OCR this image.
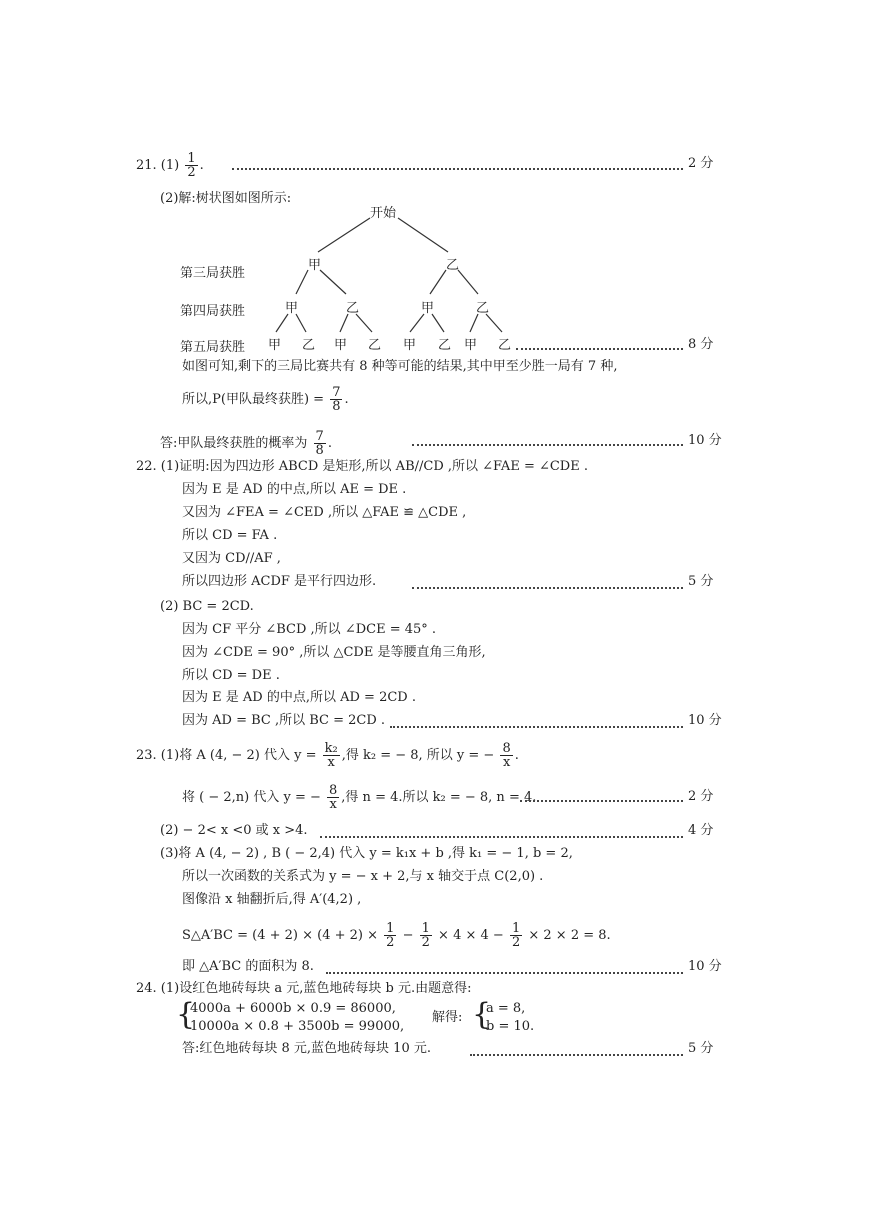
21. $(1) \frac{1}{2}$ .	2 分
(2)解:树状图如图所示:
开始
第三局获胜
第四局获胜
第五局获胜
甲	乙
甲	乙	甲	乙
甲 乙 甲 乙 甲 乙 甲 乙	8 分
如图可知,剩下的三局比赛共有 8 种等可能的结果,其中甲至少胜一局有 7 种,
所以,P(甲队最终获胜) = $\frac{7}{8}$ .
答:甲队最终获胜的概率为 $\frac{7}{8}$ .	10 分
22. (1)证明:因为四边形 ABCD 是矩形,所以 AB//CD ,所以 ∠FAE = ∠CDE .
因为 E 是 AD 的中点,所以 AE = DE .
又因为 ∠FEA = ∠CED ,所以 △FAE ≌ △CDE ,
所以 CD = FA .
又因为 CD//AF ,
所以四边形 ACDF 是平行四边形.	5 分
(2) BC = 2CD.
因为 CF 平分 ∠BCD ,所以 ∠DCE = 45° .
因为 ∠CDE = 90° ,所以 △CDE 是等腰直角三角形,
所以 CD = DE .
因为 E 是 AD 的中点,所以 AD = 2CD .
因为 AD = BC ,所以 BC = 2CD .	10 分
23. (1)将 A (4, − 2) 代入 $y = \frac{\text{k₂}}{x}$ ,得 k₂ = − 8, 所以 y = − $\frac{8}{x}$ .
将 ( − 2,n) 代入 y = − $\frac{8}{x}$ ,得 n = 4.所以 k₂ = − 8, n = 4.	2 分
(2) − 2< x <0 或 x >4.	4 分
(3)将 A (4, − 2) , B ( − 2,4) 代入 y = k₁x + b ,得 k₁ = − 1, b = 2,
所以一次函数的关系式为 y = − x + 2,与 x 轴交于点 C(2,0) .
图像沿 x 轴翻折后,得 A′(4,2) ,
S△A′BC = $(4 + 2) \times (4 + 2) \times \frac{1}{2} - \frac{1}{2} \times 4 \times 4 - \frac{1}{2} \times 2 \times 2 = 8$.
即 △A′BC 的面积为 8.	10 分
24. (1)设红色地砖每块 a 元,蓝色地砖每块 b 元.由题意得:
{
4000a + 6000b × 0.9 = 86000,
10000a × 0.8 + 3500b = 99000,
解得: {
a = 8,
b = 10.
答:红色地砖每块 8 元,蓝色地砖每块 10 元.	5 分
